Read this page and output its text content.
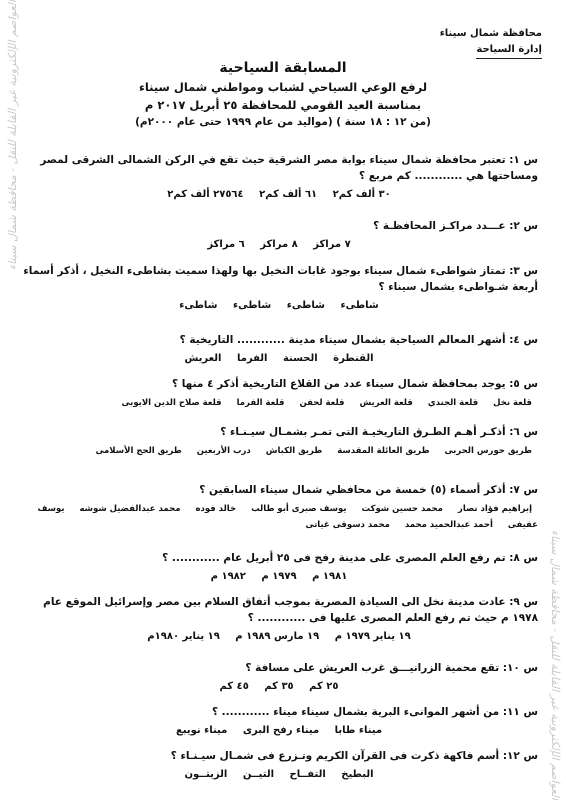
العواصم الإلكترونية غير القابلة للنقل - محافظة شمال سيناء
العواصم الإلكترونية غير القابلة للنقل - محافظة شمال سيناء
محافظة شمال سيناء
إدارة السياحة
المسابقة السياحية
لرفع الوعي السياحي لشباب ومواطني شمال سيناء
بمناسبة العيد القومي للمحافظة ٢٥ أبريل ٢٠١٧ م
(من ١٢ : ١٨ سنة ) (مواليد من عام ١٩٩٩ حتى عام ٢٠٠٠م)
س ١: تعتبر محافظة شمال سيناء بوابة مصر الشرقية حيث تقع في الركن الشمالى الشرقى لمصر ومساحتها هي ............ كم مربع ؟
٣٠ ألف كم٢ ٦١ ألف كم٢ ٢٧٥٦٤ ألف كم٢
س ٢: عـــدد مراكـز المحافظـة ؟
٧ مراكز ٨ مراكز ٦ مراكز
س ٣: تمتاز شواطىء شمال سيناء بوجود غابات النخيل بها ولهذا سميت بشاطىء النخيل ، أذكر أسماء أربعة شـواطىء بشمال سيناء ؟
شاطىء شاطىء شاطىء شاطىء
س ٤: أشهر المعالم السياحية بشمال سيناء مدينة ............ التاريخية ؟
القنطرة الحسنة الفرما العريش
س ٥: يوجد بمحافظة شمال سيناء عدد من القلاع التاريخية أذكر ٤ منها ؟
قلعة نخل قلعة الجندي قلعة العريش قلعة لحفن قلعة الفرما قلعة صلاح الدين الايوبى
س ٦: أذكـر أهـم الطـرق التاريخيـة التى تمـر بشمـال سيـنـاء ؟
طريق حورس الحربى طريق العائلة المقدسة طريق الكباش درب الأربعين طريق الحج الأسلامى
س ٧: أذكر أسماء (٥) خمسة من محافظي شمال سيناء السابقين ؟
إبراهيم فؤاد نصار محمد حسين شوكت يوسف صبرى أبو طالب خالد فوده محمد عبدالفضيل شوشه يوسف عفيفى أحمد عبدالحميد محمد محمد دسوقى غياتى
س ٨: تم رفع العلم المصرى على مدينة رفح فى ٢٥ أبريل عام ............ ؟
١٩٨١ م ١٩٧٩ م ١٩٨٢ م
س ٩: عادت مدينة نخل الى السيادة المصرية بموجب أتفاق السلام بين مصر وإسرائيل الموقع عام ١٩٧٨ م حيث تم رفع العلم المصرى عليها فى ............ ؟
١٩ يناير ١٩٧٩ م ١٩ مارس ١٩٨٩ م ١٩ يناير ١٩٨٠م
س ١٠: تقع محمية الزرانيـــق غرب العريش على مسافة ؟
٢٥ كم ٣٥ كم ٤٥ كم
س ١١: من أشهر الموانىء البرية بشمال سيناء ميناء ............ ؟
ميناء طابا ميناء رفح البرى ميناء نويبع
س ١٢: أسم فاكهة ذكرت فى القرآن الكريم وتـزرع فى شمـال سيـنـاء ؟
البطيخ التفــاح التيــن الزيتــون
